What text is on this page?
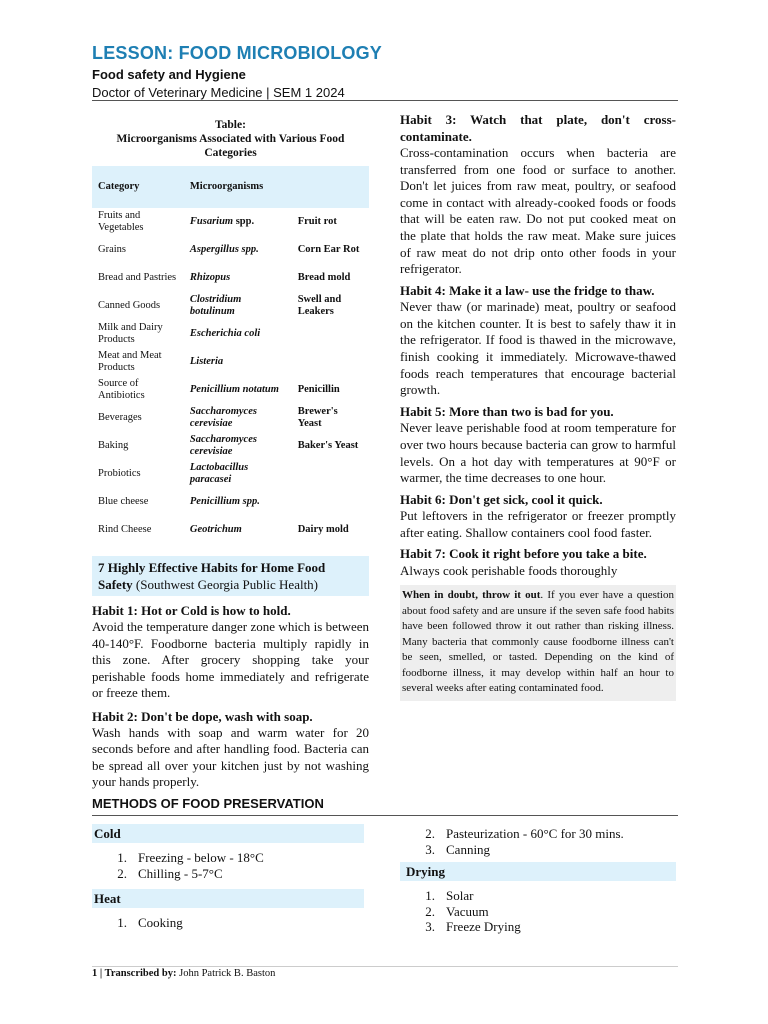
LESSON: FOOD MICROBIOLOGY
Food safety and Hygiene
Doctor of Veterinary Medicine | SEM 1 2024
Table:
Microorganisms Associated with Various Food Categories
Category	Microorganisms	
Fruits and Vegetables	Fusarium spp.	Fruit rot
Grains	Aspergillus spp.	Corn Ear Rot
Bread and Pastries	Rhizopus	Bread mold
Canned Goods	Clostridium botulinum	Swell and Leakers
Milk and Dairy Products	Escherichia coli	
Meat and Meat Products	Listeria	
Source of Antibiotics	Penicillium notatum	Penicillin
Beverages	Saccharomyces cerevisiae	Brewer's Yeast
Baking	Saccharomyces cerevisiae	Baker's Yeast
Probiotics	Lactobacillus paracasei	
Blue cheese	Penicillium spp.	
Rind Cheese	Geotrichum	Dairy mold
7 Highly Effective Habits for Home Food Safety (Southwest Georgia Public Health)
Habit 1: Hot or Cold is how to hold.

Avoid the temperature danger zone which is between 40-140°F. Foodborne bacteria multiply rapidly in this zone. After grocery shopping take your perishable foods home immediately and refrigerate or freeze them.

Habit 2: Don't be dope, wash with soap.

Wash hands with soap and warm water for 20 seconds before and after handling food. Bacteria can be spread all over your kitchen just by not washing your hands properly.

Habit 3: Watch that plate, don't cross-contaminate.

Cross-contamination occurs when bacteria are transferred from one food or surface to another. Don't let juices from raw meat, poultry, or seafood come in contact with already-cooked foods or foods that will be eaten raw. Do not put cooked meat on the plate that holds the raw meat. Make sure juices of raw meat do not drip onto other foods in your refrigerator.

Habit 4: Make it a law- use the fridge to thaw.

Never thaw (or marinade) meat, poultry or seafood on the kitchen counter. It is best to safely thaw it in the refrigerator. If food is thawed in the microwave, finish cooking it immediately. Microwave-thawed foods reach temperatures that encourage bacterial growth.

Habit 5: More than two is bad for you.

Never leave perishable food at room temperature for over two hours because bacteria can grow to harmful levels. On a hot day with temperatures at 90°F or warmer, the time decreases to one hour.

Habit 6: Don't get sick, cool it quick.

Put leftovers in the refrigerator or freezer promptly after eating. Shallow containers cool food faster.

Habit 7: Cook it right before you take a bite.

Always cook perishable foods thoroughly

When in doubt, throw it out. If you ever have a question about food safety and are unsure if the seven safe food habits have been followed throw it out rather than risking illness. Many bacteria that commonly cause foodborne illness can't be seen, smelled, or tasted. Depending on the kind of foodborne illness, it may develop within half an hour to several weeks after eating contaminated food.
METHODS OF FOOD PRESERVATION
Cold
1. Freezing - below - 18°C
2. Chilling - 5-7°C
Heat
1. Cooking
2. Pasteurization - 60°C for 30 mins.
3. Canning
Drying
1. Solar
2. Vacuum
3. Freeze Drying
1 | Transcribed by: John Patrick B. Baston
